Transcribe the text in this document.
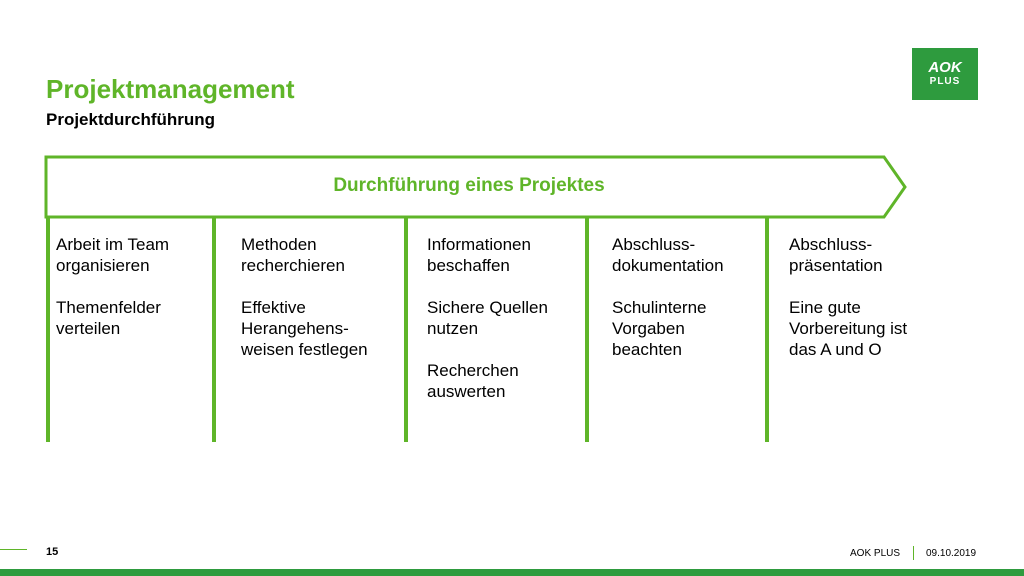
Projektmanagement
Projektdurchführung
AOK
PLUS
Durchführung eines Projektes
Arbeit im Team
organisieren
Themenfelder
verteilen
Methoden
recherchieren
Effektive
Herangehens-
weisen festlegen
Informationen
beschaffen
Sichere Quellen
nutzen
Recherchen
auswerten
Abschluss-
dokumentation
Schulinterne
Vorgaben
beachten
Abschluss-
präsentation
Eine gute
Vorbereitung ist
das A und O
15	AOK PLUS	09.10.2019
